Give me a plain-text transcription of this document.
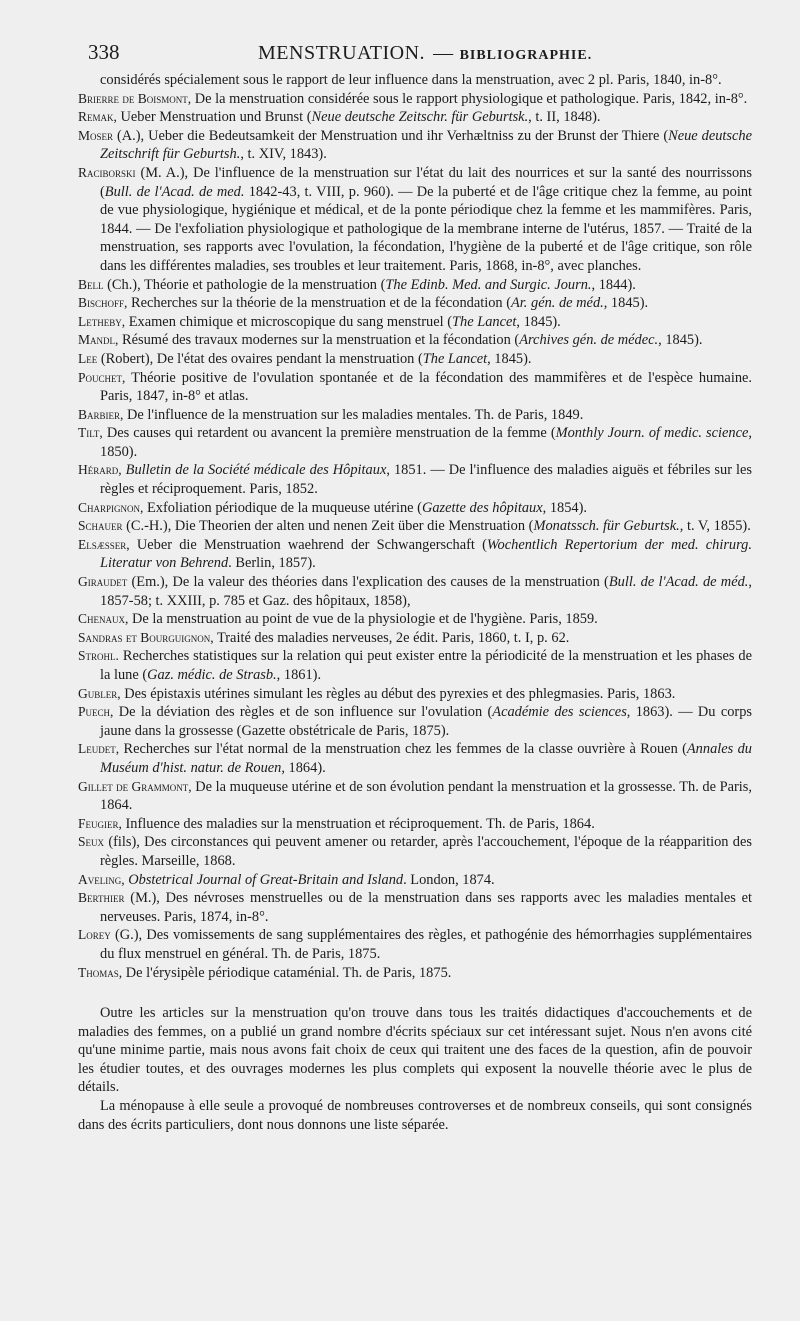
338	MENSTRUATION. — BIBLIOGRAPHIE.

considérés spécialement sous le rapport de leur influence dans la menstruation, avec 2 pl. Paris, 1840, in-8°.

Brierre de Boismont, De la menstruation considérée sous le rapport physiologique et pathologique. Paris, 1842, in-8°.

Remak, Ueber Menstruation und Brunst (Neue deutsche Zeitschr. für Geburtsk., t. II, 1848).

Moser (A.), Ueber die Bedeutsamkeit der Menstruation und ihr Verhæltniss zu der Brunst der Thiere (Neue deutsche Zeitschrift für Geburtsh., t. XIV, 1843).

Raciborski (M. A.), De l'influence de la menstruation sur l'état du lait des nourrices et sur la santé des nourrissons (Bull. de l'Acad. de med. 1842-43, t. VIII, p. 960). — De la puberté et de l'âge critique chez la femme, au point de vue physiologique, hygiénique et médical, et de la ponte périodique chez la femme et les mammifères. Paris, 1844. — De l'exfoliation physiologique et pathologique de la membrane interne de l'utérus, 1857. — Traité de la menstruation, ses rapports avec l'ovulation, la fécondation, l'hygiène de la puberté et de l'âge critique, son rôle dans les différentes maladies, ses troubles et leur traitement. Paris, 1868, in-8°, avec planches.

Bell (Ch.), Théorie et pathologie de la menstruation (The Edinb. Med. and Surgic. Journ., 1844).

Bischoff, Recherches sur la théorie de la menstruation et de la fécondation (Ar. gén. de méd., 1845).

Letheby, Examen chimique et microscopique du sang menstruel (The Lancet, 1845).

Mandl, Résumé des travaux modernes sur la menstruation et la fécondation (Archives gén. de médec., 1845).

Lee (Robert), De l'état des ovaires pendant la menstruation (The Lancet, 1845).

Pouchet, Théorie positive de l'ovulation spontanée et de la fécondation des mammifères et de l'espèce humaine. Paris, 1847, in-8° et atlas.

Barbier, De l'influence de la menstruation sur les maladies mentales. Th. de Paris, 1849.

Tilt, Des causes qui retardent ou avancent la première menstruation de la femme (Monthly Journ. of medic. science, 1850).

Hérard, Bulletin de la Société médicale des Hôpitaux, 1851. — De l'influence des maladies aiguës et fébriles sur les règles et réciproquement. Paris, 1852.

Charpignon, Exfoliation périodique de la muqueuse utérine (Gazette des hôpitaux, 1854).

Schauer (C.-H.), Die Theorien der alten und nenen Zeit über die Menstruation (Monatssch. für Geburtsk., t. V, 1855).

Elsæsser, Ueber die Menstruation waehrend der Schwangerschaft (Wochentlich Repertorium der med. chirurg. Literatur von Behrend. Berlin, 1857).

Giraudet (Em.), De la valeur des théories dans l'explication des causes de la menstruation (Bull. de l'Acad. de méd., 1857-58; t. XXIII, p. 785 et Gaz. des hôpitaux, 1858),

Chenaux, De la menstruation au point de vue de la physiologie et de l'hygiène. Paris, 1859.

Sandras et Bourguignon, Traité des maladies nerveuses, 2e édit. Paris, 1860, t. I, p. 62.

Strohl. Recherches statistiques sur la relation qui peut exister entre la périodicité de la menstruation et les phases de la lune (Gaz. médic. de Strasb., 1861).

Gubler, Des épistaxis utérines simulant les règles au début des pyrexies et des phlegmasies. Paris, 1863.

Puech, De la déviation des règles et de son influence sur l'ovulation (Académie des sciences, 1863). — Du corps jaune dans la grossesse (Gazette obstétricale de Paris, 1875).

Leudet, Recherches sur l'état normal de la menstruation chez les femmes de la classe ouvrière à Rouen (Annales du Muséum d'hist. natur. de Rouen, 1864).

Gillet de Grammont, De la muqueuse utérine et de son évolution pendant la menstruation et la grossesse. Th. de Paris, 1864.

Feugier, Influence des maladies sur la menstruation et réciproquement. Th. de Paris, 1864.

Seux (fils), Des circonstances qui peuvent amener ou retarder, après l'accouchement, l'époque de la réapparition des règles. Marseille, 1868.

Aveling, Obstetrical Journal of Great-Britain and Island. London, 1874.

Berthier (M.), Des névroses menstruelles ou de la menstruation dans ses rapports avec les maladies mentales et nerveuses. Paris, 1874, in-8°.

Lorey (G.), Des vomissements de sang supplémentaires des règles, et pathogénie des hémorrhagies supplémentaires du flux menstruel en général. Th. de Paris, 1875.

Thomas, De l'érysipèle périodique cataménial. Th. de Paris, 1875.

Outre les articles sur la menstruation qu'on trouve dans tous les traités didactiques d'accouchements et de maladies des femmes, on a publié un grand nombre d'écrits spéciaux sur cet intéressant sujet. Nous n'en avons cité qu'une minime partie, mais nous avons fait choix de ceux qui traitent une des faces de la question, afin de pouvoir les étudier toutes, et des ouvrages modernes les plus complets qui exposent la nouvelle théorie avec le plus de détails.

La ménopause à elle seule a provoqué de nombreuses controverses et de nombreux conseils, qui sont consignés dans des écrits particuliers, dont nous donnons une liste séparée.
